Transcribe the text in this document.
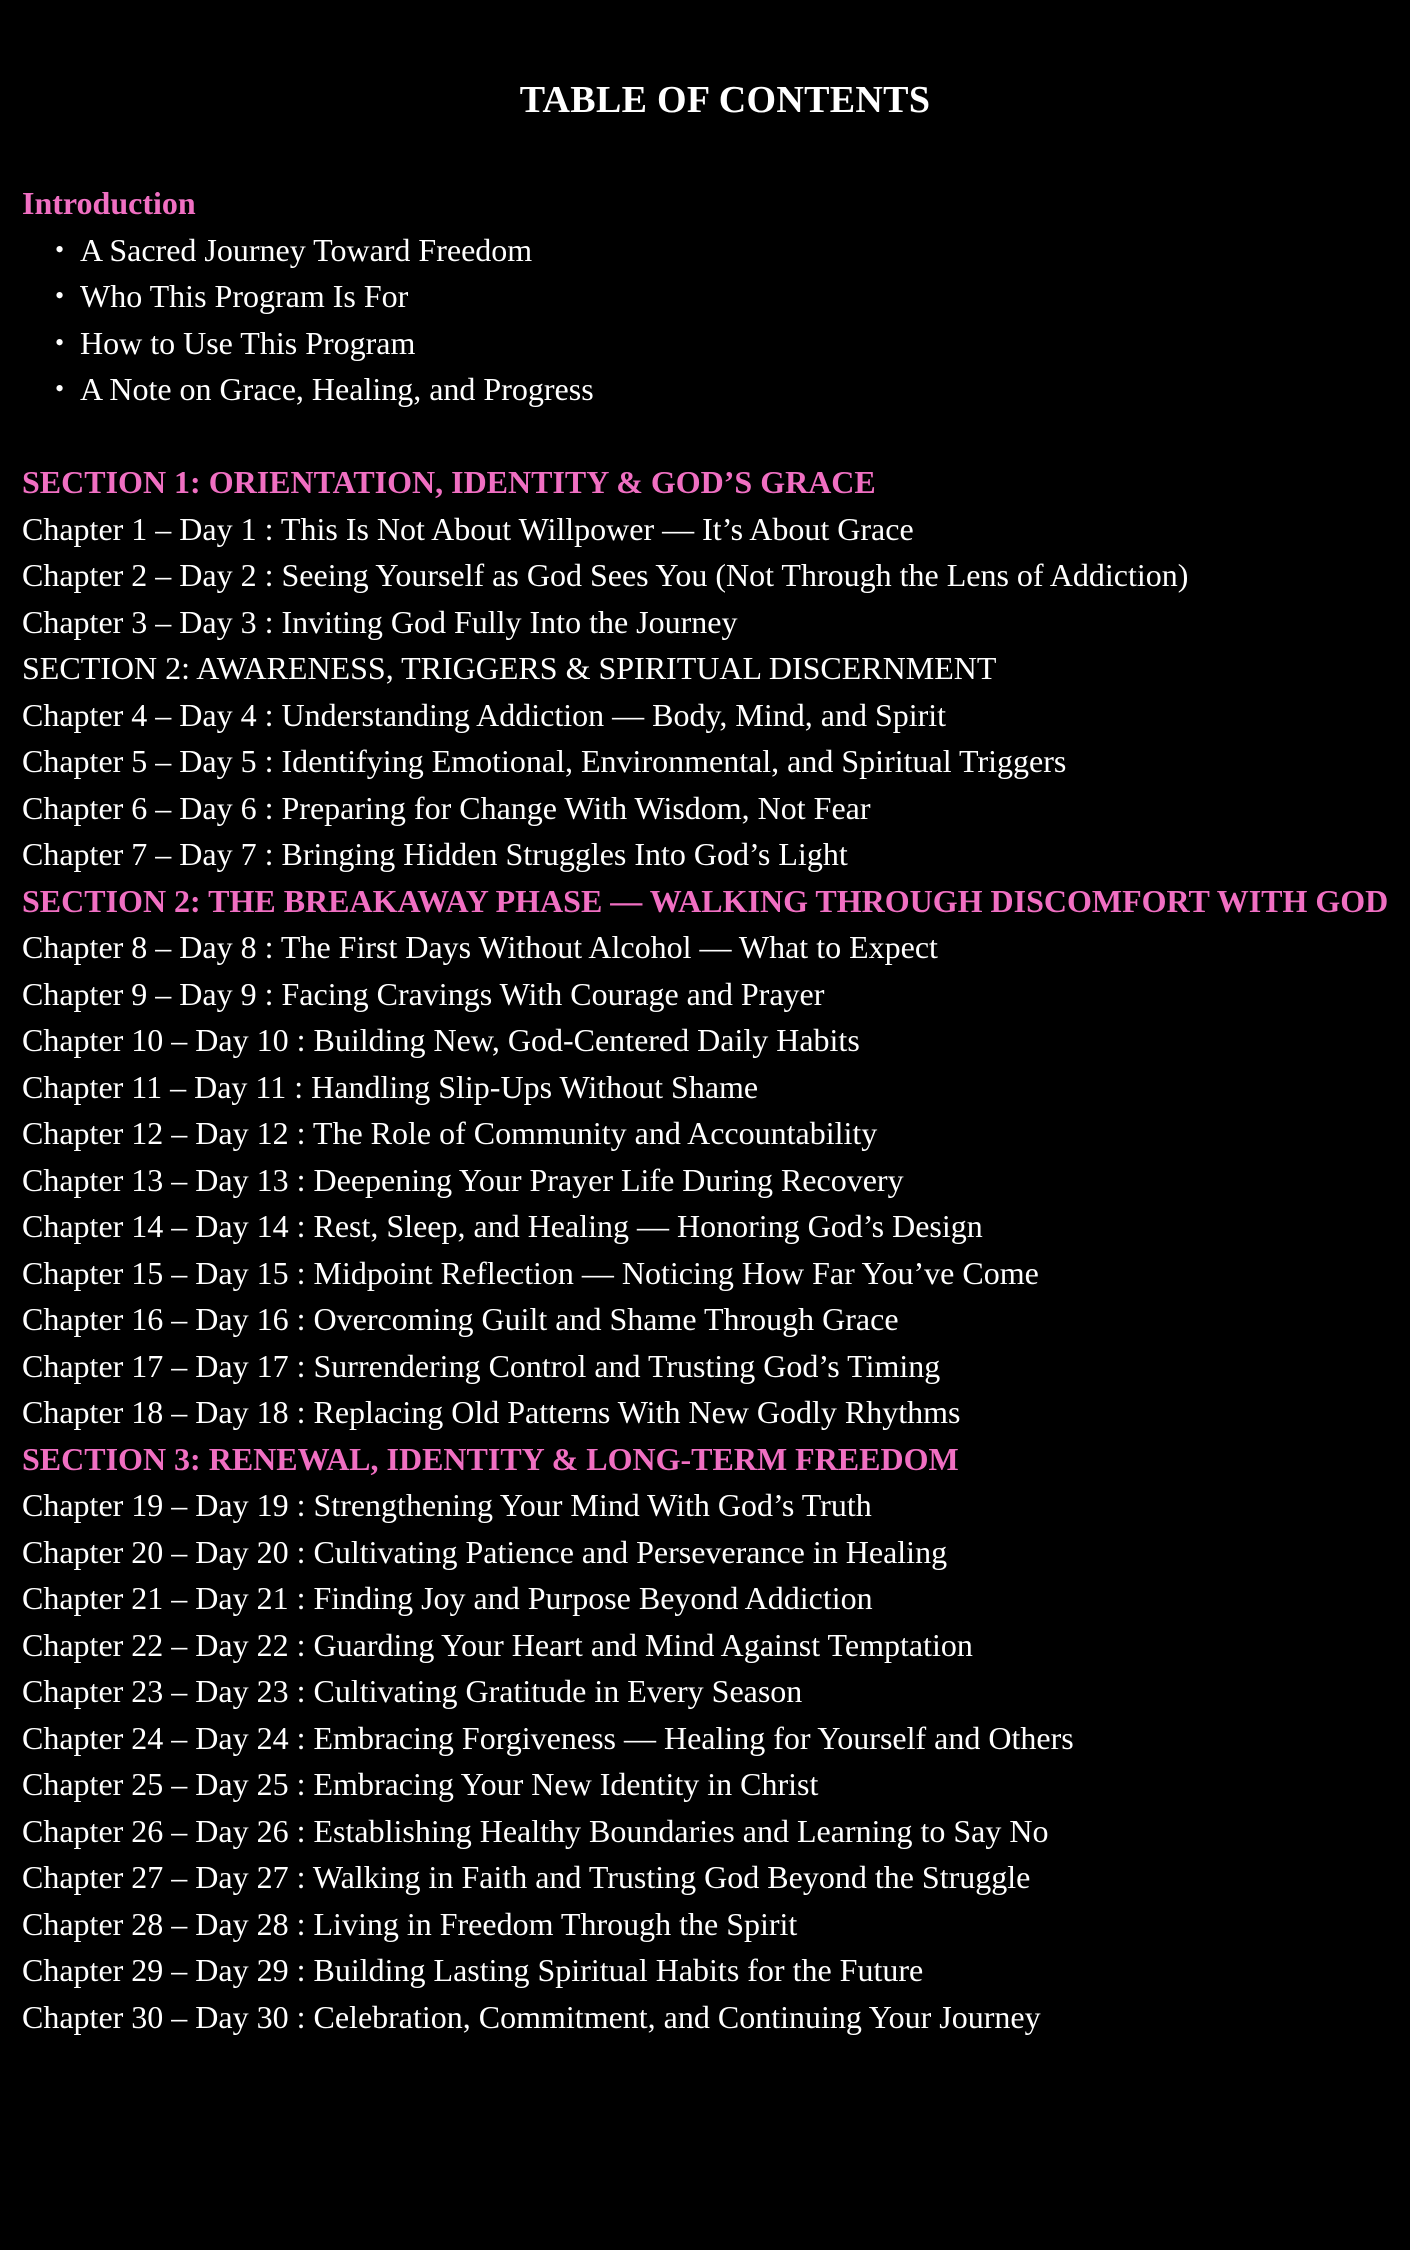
TABLE OF CONTENTS
Introduction
• A Sacred Journey Toward Freedom
• Who This Program Is For
• How to Use This Program
• A Note on Grace, Healing, and Progress
SECTION 1: ORIENTATION, IDENTITY & GOD’S GRACE
Chapter 1 – Day 1 : This Is Not About Willpower — It’s About Grace
Chapter 2 – Day 2 : Seeing Yourself as God Sees You (Not Through the Lens of Addiction)
Chapter 3 – Day 3 : Inviting God Fully Into the Journey
SECTION 2: AWARENESS, TRIGGERS & SPIRITUAL DISCERNMENT
Chapter 4 – Day 4 : Understanding Addiction — Body, Mind, and Spirit
Chapter 5 – Day 5 : Identifying Emotional, Environmental, and Spiritual Triggers
Chapter 6 – Day 6 : Preparing for Change With Wisdom, Not Fear
Chapter 7 – Day 7 : Bringing Hidden Struggles Into God’s Light
SECTION 2: THE BREAKAWAY PHASE — WALKING THROUGH DISCOMFORT WITH GOD
Chapter 8 – Day 8 : The First Days Without Alcohol — What to Expect
Chapter 9 – Day 9 : Facing Cravings With Courage and Prayer
Chapter 10 – Day 10 : Building New, God-Centered Daily Habits
Chapter 11 – Day 11 : Handling Slip-Ups Without Shame
Chapter 12 – Day 12 : The Role of Community and Accountability
Chapter 13 – Day 13 : Deepening Your Prayer Life During Recovery
Chapter 14 – Day 14 : Rest, Sleep, and Healing — Honoring God’s Design
Chapter 15 – Day 15 : Midpoint Reflection — Noticing How Far You’ve Come
Chapter 16 – Day 16 : Overcoming Guilt and Shame Through Grace
Chapter 17 – Day 17 : Surrendering Control and Trusting God’s Timing
Chapter 18 – Day 18 : Replacing Old Patterns With New Godly Rhythms
SECTION 3: RENEWAL, IDENTITY & LONG-TERM FREEDOM
Chapter 19 – Day 19 : Strengthening Your Mind With God’s Truth
Chapter 20 – Day 20 : Cultivating Patience and Perseverance in Healing
Chapter 21 – Day 21 : Finding Joy and Purpose Beyond Addiction
Chapter 22 – Day 22 : Guarding Your Heart and Mind Against Temptation
Chapter 23 – Day 23 : Cultivating Gratitude in Every Season
Chapter 24 – Day 24 : Embracing Forgiveness — Healing for Yourself and Others
Chapter 25 – Day 25 : Embracing Your New Identity in Christ
Chapter 26 – Day 26 : Establishing Healthy Boundaries and Learning to Say No
Chapter 27 – Day 27 : Walking in Faith and Trusting God Beyond the Struggle
Chapter 28 – Day 28 : Living in Freedom Through the Spirit
Chapter 29 – Day 29 : Building Lasting Spiritual Habits for the Future
Chapter 30 – Day 30 : Celebration, Commitment, and Continuing Your Journey
